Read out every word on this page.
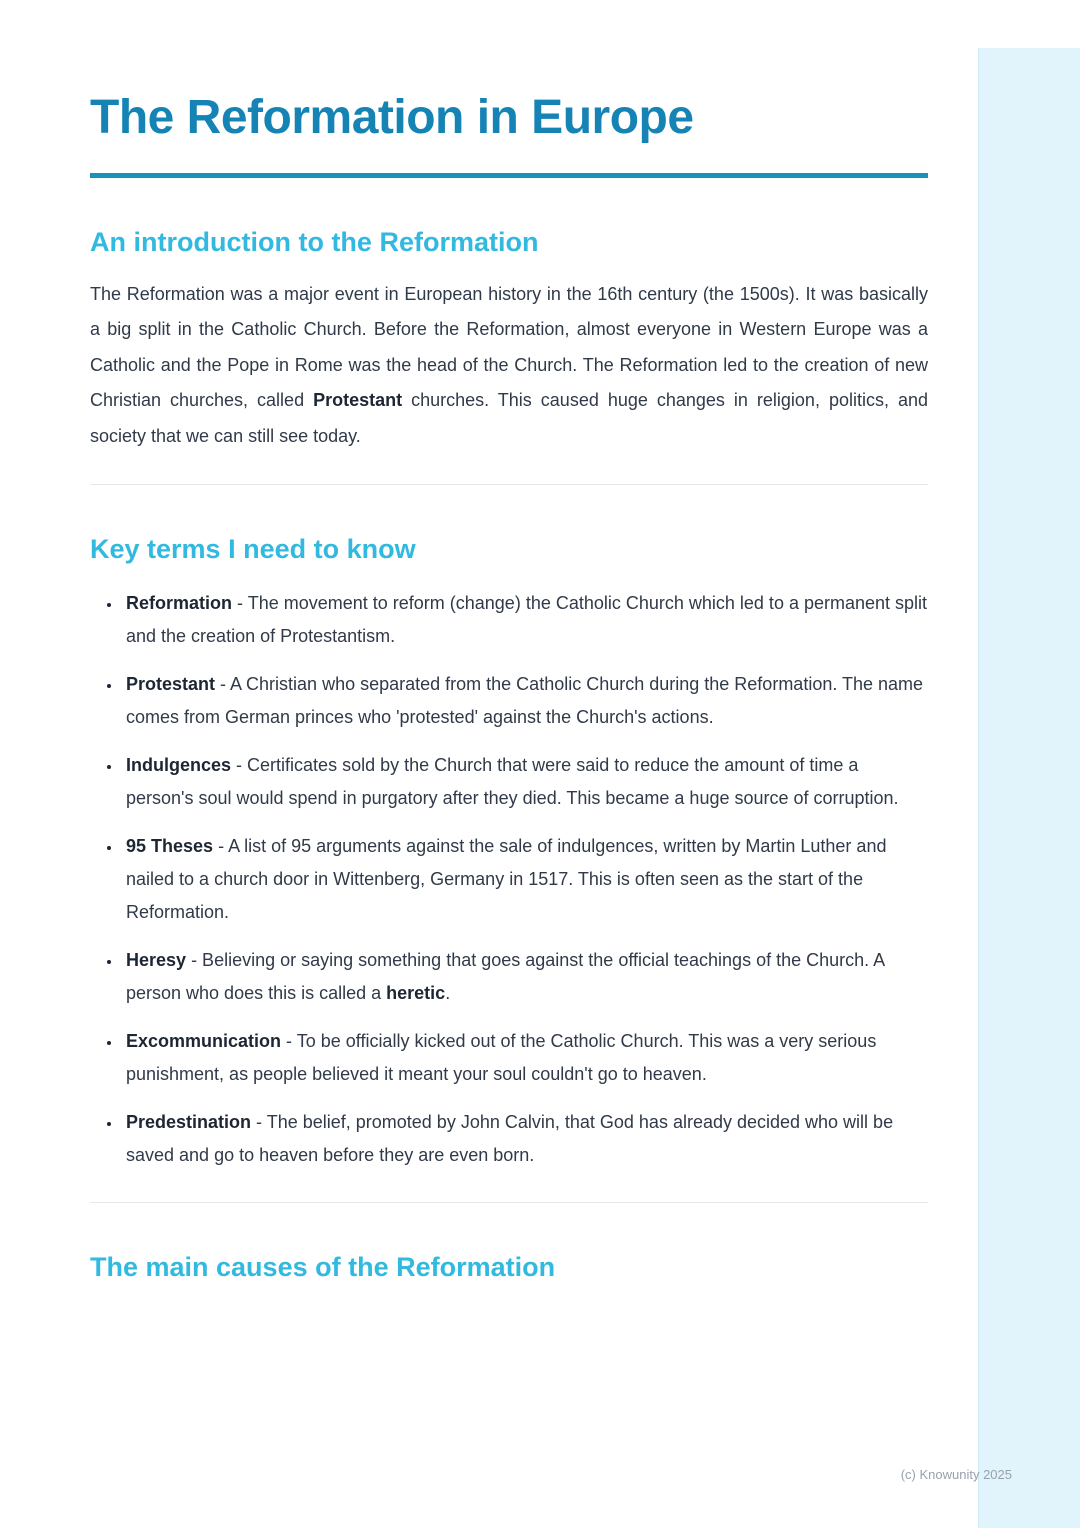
The Reformation in Europe
An introduction to the Reformation

The Reformation was a major event in European history in the 16th century (the 1500s). It was basically a big split in the Catholic Church. Before the Reformation, almost everyone in Western Europe was a Catholic and the Pope in Rome was the head of the Church. The Reformation led to the creation of new Christian churches, called Protestant churches. This caused huge changes in religion, politics, and society that we can still see today.

Key terms I need to know
• Reformation - The movement to reform (change) the Catholic Church which led to a permanent split and the creation of Protestantism.
• Protestant - A Christian who separated from the Catholic Church during the Reformation. The name comes from German princes who 'protested' against the Church's actions.
• Indulgences - Certificates sold by the Church that were said to reduce the amount of time a person's soul would spend in purgatory after they died. This became a huge source of corruption.
• 95 Theses - A list of 95 arguments against the sale of indulgences, written by Martin Luther and nailed to a church door in Wittenberg, Germany in 1517. This is often seen as the start of the Reformation.
• Heresy - Believing or saying something that goes against the official teachings of the Church. A person who does this is called a heretic.
• Excommunication - To be officially kicked out of the Catholic Church. This was a very serious punishment, as people believed it meant your soul couldn't go to heaven.
• Predestination - The belief, promoted by John Calvin, that God has already decided who will be saved and go to heaven before they are even born.
The main causes of the Reformation
(c) Knowunity 2025
